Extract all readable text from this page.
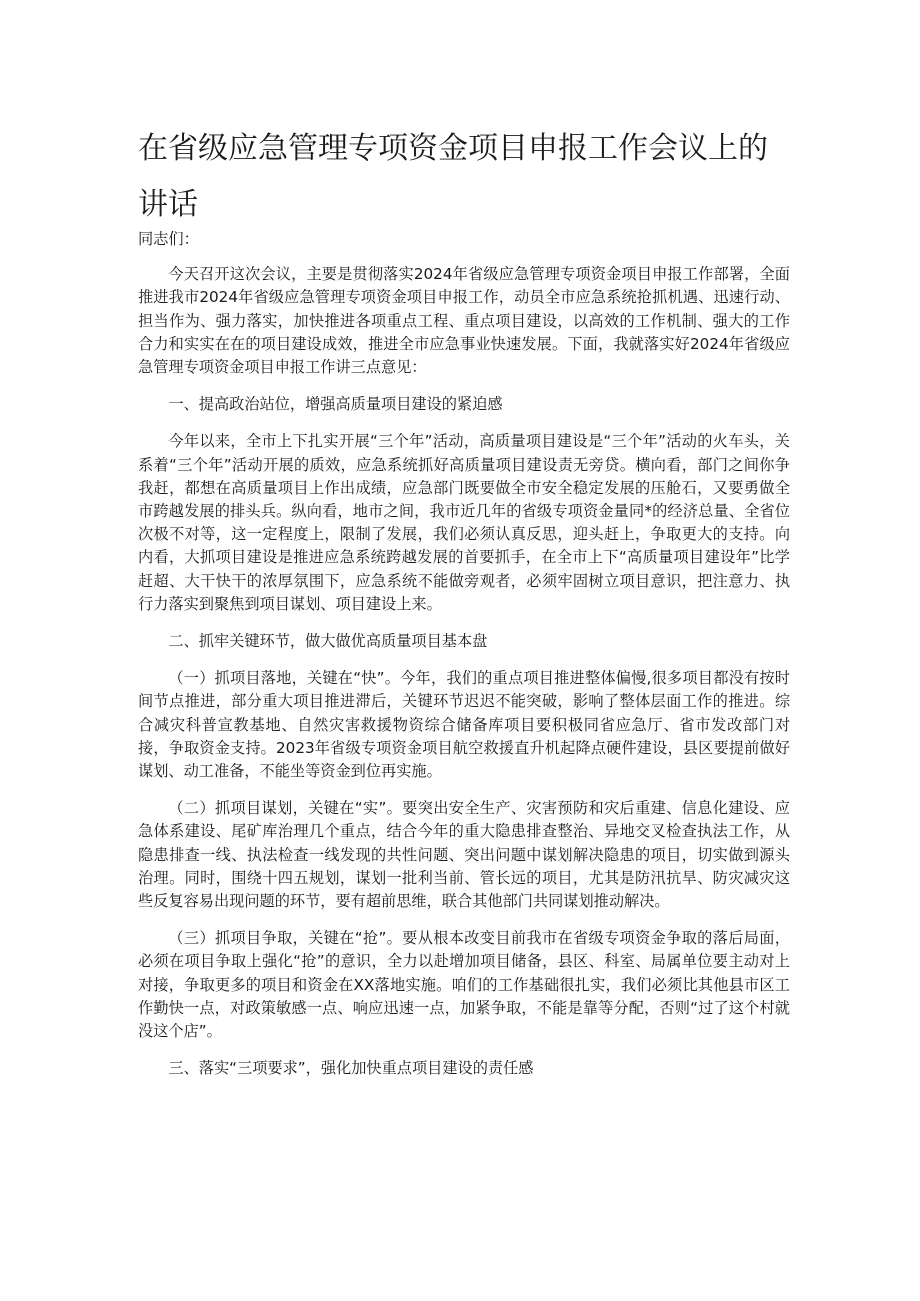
在省级应急管理专项资金项目申报工作会议上的讲话

同志们：

今天召开这次会议，主要是贯彻落实2024年省级应急管理专项资金项目申报工作部署，全面推进我市2024年省级应急管理专项资金项目申报工作，动员全市应急系统抢抓机遇、迅速行动、担当作为、强力落实，加快推进各项重点工程、重点项目建设，以高效的工作机制、强大的工作合力和实实在在的项目建设成效，推进全市应急事业快速发展。下面，我就落实好2024年省级应急管理专项资金项目申报工作讲三点意见：

一、提高政治站位，增强高质量项目建设的紧迫感

今年以来，全市上下扎实开展“三个年”活动，高质量项目建设是“三个年”活动的火车头，关系着“三个年”活动开展的质效，应急系统抓好高质量项目建设责无旁贷。横向看，部门之间你争我赶，都想在高质量项目上作出成绩，应急部门既要做全市安全稳定发展的压舱石，又要勇做全市跨越发展的排头兵。纵向看，地市之间，我市近几年的省级专项资金量同*的经济总量、全省位次极不对等，这一定程度上，限制了发展，我们必须认真反思，迎头赶上，争取更大的支持。向内看，大抓项目建设是推进应急系统跨越发展的首要抓手，在全市上下“高质量项目建设年”比学赶超、大干快干的浓厚氛围下，应急系统不能做旁观者，必须牢固树立项目意识，把注意力、执行力落实到聚焦到项目谋划、项目建设上来。

二、抓牢关键环节，做大做优高质量项目基本盘

（一）抓项目落地，关键在“快”。今年，我们的重点项目推进整体偏慢,很多项目都没有按时间节点推进，部分重大项目推进滞后，关键环节迟迟不能突破，影响了整体层面工作的推进。综合减灾科普宣教基地、自然灾害救援物资综合储备库项目要积极同省应急厅、省市发改部门对接，争取资金支持。2023年省级专项资金项目航空救援直升机起降点硬件建设，县区要提前做好谋划、动工准备，不能坐等资金到位再实施。

（二）抓项目谋划，关键在“实”。要突出安全生产、灾害预防和灾后重建、信息化建设、应急体系建设、尾矿库治理几个重点，结合今年的重大隐患排查整治、异地交叉检查执法工作，从隐患排查一线、执法检查一线发现的共性问题、突出问题中谋划解决隐患的项目，切实做到源头治理。同时，围绕十四五规划，谋划一批利当前、管长远的项目，尤其是防汛抗旱、防灾减灾这些反复容易出现问题的环节，要有超前思维，联合其他部门共同谋划推动解决。

（三）抓项目争取，关键在“抢”。要从根本改变目前我市在省级专项资金争取的落后局面，必须在项目争取上强化“抢”的意识，全力以赴增加项目储备，县区、科室、局属单位要主动对上对接，争取更多的项目和资金在XX落地实施。咱们的工作基础很扎实，我们必须比其他县市区工作勤快一点，对政策敏感一点、响应迅速一点，加紧争取，不能是靠等分配，否则“过了这个村就没这个店”。

三、落实“三项要求”，强化加快重点项目建设的责任感
